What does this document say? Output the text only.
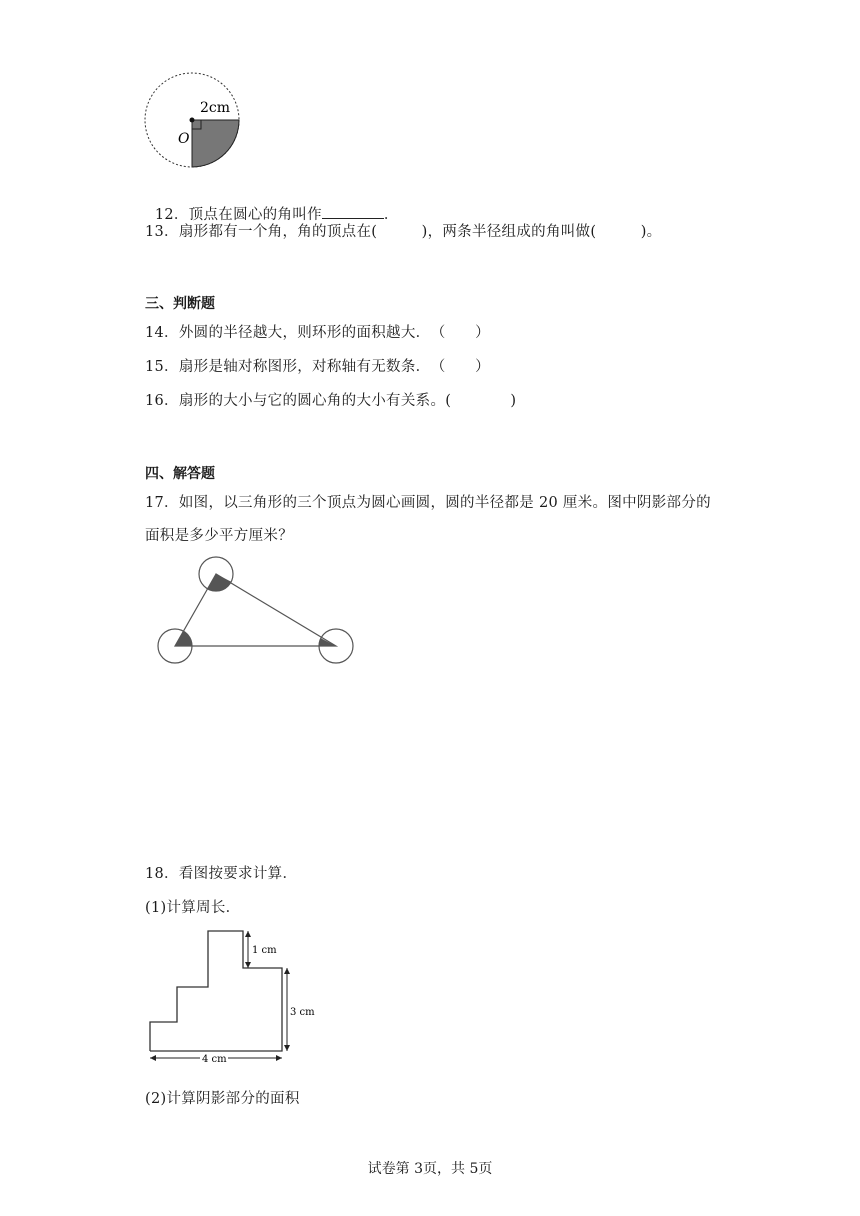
2cm
O

12．顶点在圆心的角叫作	．

13．扇形都有一个角，角的顶点在(　　　)，两条半径组成的角叫做(　　　)。
三、判断题
14．外圆的半径越大，则环形的面积越大．　（　　）
15．扇形是轴对称图形，对称轴有无数条．　（　　）
16．扇形的大小与它的圆心角的大小有关系。(　　　　)
四、解答题
17．如图，以三角形的三个顶点为圆心画圆，圆的半径都是 20 厘米。图中阴影部分的
面积是多少平方厘米？
18．看图按要求计算．
(1)计算周长．
1 cm
3 cm
4 cm
(2)计算阴影部分的面积
试卷第 3页，共 5页
